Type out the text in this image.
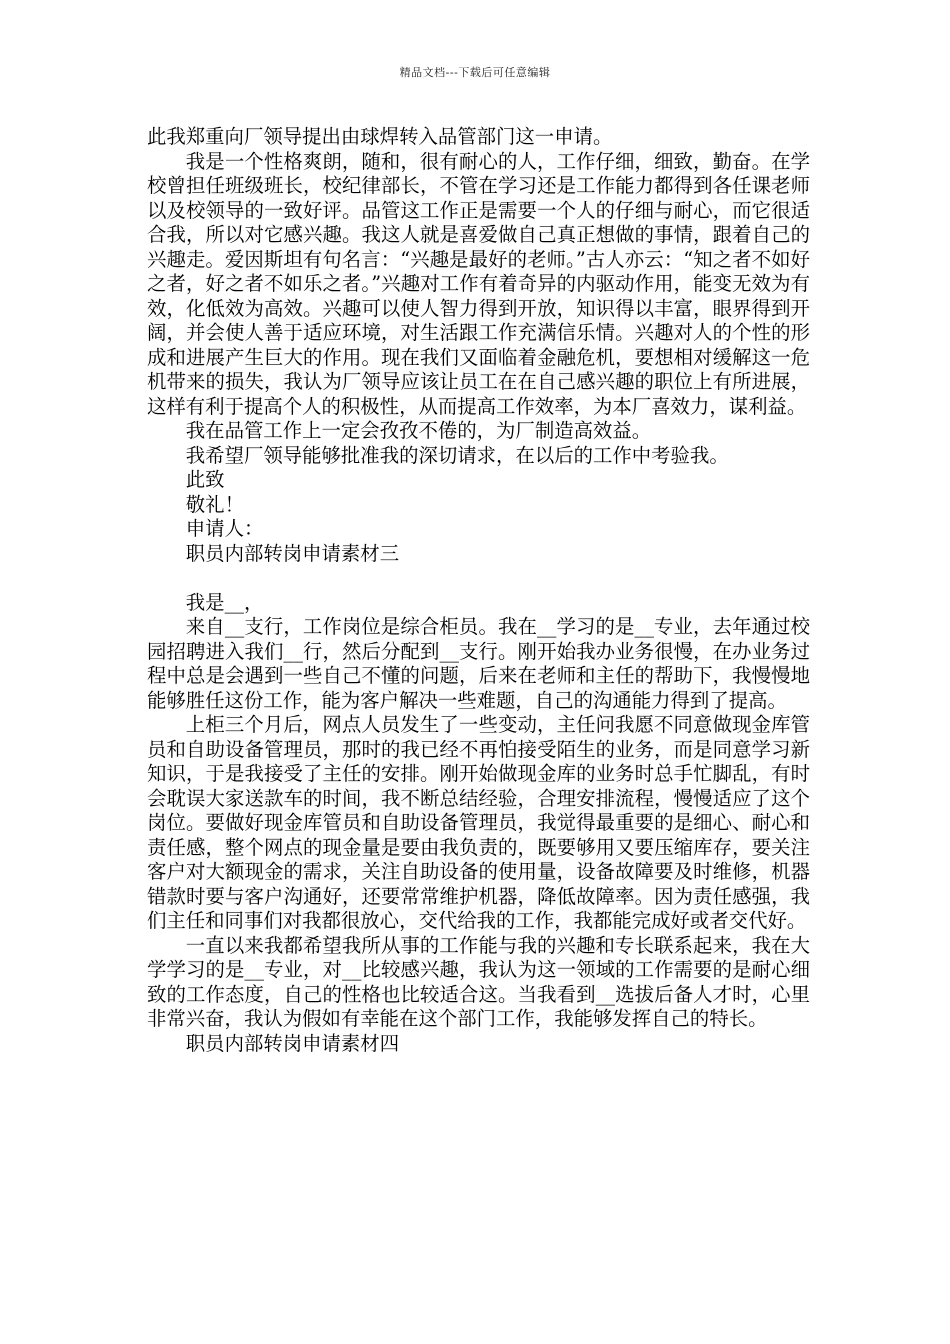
精品文档---下载后可任意编辑

此我郑重向厂领导提出由球焊转入品管部门这一申请。

我是一个性格爽朗，随和，很有耐心的人，工作仔细，细致，勤奋。在学校曾担任班级班长，校纪律部长，不管在学习还是工作能力都得到各任课老师以及校领导的一致好评。品管这工作正是需要一个人的仔细与耐心，而它很适合我，所以对它感兴趣。我这人就是喜爱做自己真正想做的事情，跟着自己的兴趣走。爱因斯坦有句名言：“兴趣是最好的老师。”古人亦云：“知之者不如好之者，好之者不如乐之者。”兴趣对工作有着奇异的内驱动作用，能变无效为有效，化低效为高效。兴趣可以使人智力得到开放，知识得以丰富，眼界得到开阔，并会使人善于适应环境，对生活跟工作充满信乐情。兴趣对人的个性的形成和进展产生巨大的作用。现在我们又面临着金融危机，要想相对缓解这一危机带来的损失，我认为厂领导应该让员工在在自己感兴趣的职位上有所进展，这样有利于提高个人的积极性，从而提高工作效率，为本厂喜效力，谋利益。

我在品管工作上一定会孜孜不倦的，为厂制造高效益。

我希望厂领导能够批准我的深切请求，在以后的工作中考验我。

此致

敬礼！

申请人：

职员内部转岗申请素材三

我是__，

来自__支行，工作岗位是综合柜员。我在__学习的是__专业，去年通过校园招聘进入我们__行，然后分配到__支行。刚开始我办业务很慢，在办业务过程中总是会遇到一些自己不懂的问题，后来在老师和主任的帮助下，我慢慢地能够胜任这份工作，能为客户解决一些难题，自己的沟通能力得到了提高。

上柜三个月后，网点人员发生了一些变动，主任问我愿不同意做现金库管员和自助设备管理员，那时的我已经不再怕接受陌生的业务，而是同意学习新知识，于是我接受了主任的安排。刚开始做现金库的业务时总手忙脚乱，有时会耽误大家送款车的时间，我不断总结经验，合理安排流程，慢慢适应了这个岗位。要做好现金库管员和自助设备管理员，我觉得最重要的是细心、耐心和责任感，整个网点的现金量是要由我负责的，既要够用又要压缩库存，要关注客户对大额现金的需求，关注自助设备的使用量，设备故障要及时维修，机器错款时要与客户沟通好，还要常常维护机器，降低故障率。因为责任感强，我们主任和同事们对我都很放心，交代给我的工作，我都能完成好或者交代好。

一直以来我都希望我所从事的工作能与我的兴趣和专长联系起来，我在大学学习的是__专业，对__比较感兴趣，我认为这一领域的工作需要的是耐心细致的工作态度，自己的性格也比较适合这。当我看到__选拔后备人才时，心里非常兴奋，我认为假如有幸能在这个部门工作，我能够发挥自己的特长。

职员内部转岗申请素材四
